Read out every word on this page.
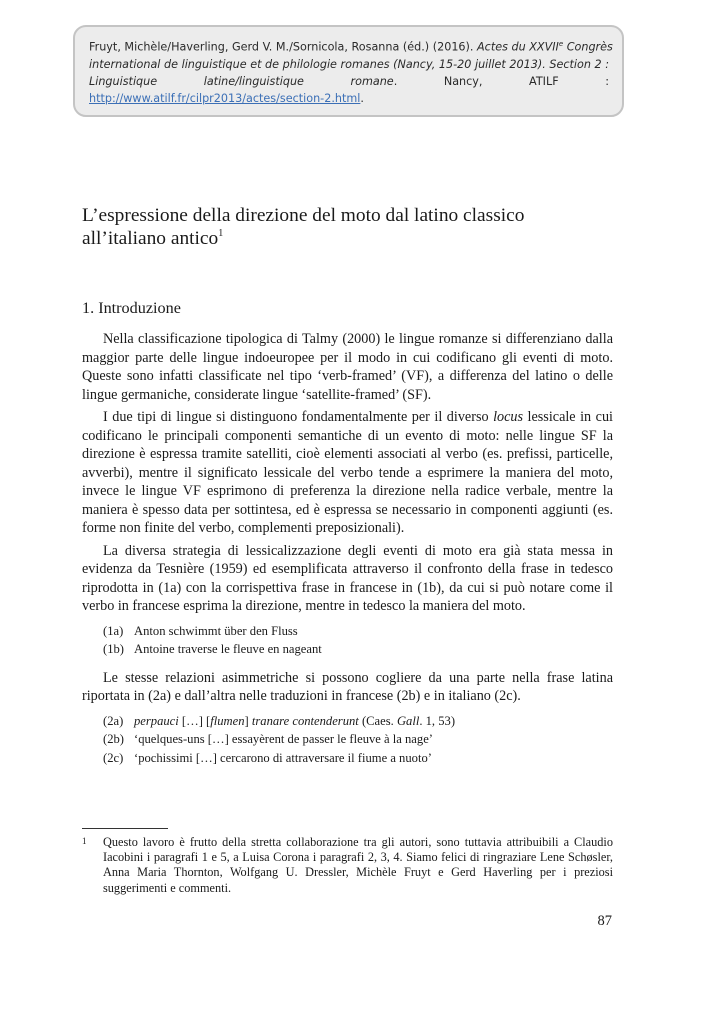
Fruyt, Michèle/Haverling, Gerd V. M./Sornicola, Rosanna (éd.) (2016). Actes du XXVIIe Congrès
international de linguistique et de philologie romanes (Nancy, 15-20 juillet 2013). Section 2 :
Linguistique latine/linguistique romane. Nancy, ATILF :
http://www.atilf.fr/cilpr2013/actes/section-2.html.
L’espressione della direzione del moto dal latino classico
all’italiano antico$^1$
1. Introduzione

Nella classificazione tipologica di Talmy (2000) le lingue romanze si differenziano dalla maggior parte delle lingue indoeuropee per il modo in cui codificano gli eventi di moto. Queste sono infatti classificate nel tipo ‘verb-framed’ (VF), a differenza del latino o delle lingue germaniche, considerate lingue ‘satellite-framed’ (SF).

I due tipi di lingue si distinguono fondamentalmente per il diverso locus lessicale in cui codificano le principali componenti semantiche di un evento di moto: nelle lingue SF la direzione è espressa tramite satelliti, cioè elementi associati al verbo (es. prefissi, particelle, avverbi), mentre il significato lessicale del verbo tende a esprimere la maniera del moto, invece le lingue VF esprimono di preferenza la direzione nella radice verbale, mentre la maniera è spesso data per sottintesa, ed è espressa se necessario in componenti aggiunti (es. forme non finite del verbo, complementi preposizionali).

La diversa strategia di lessicalizzazione degli eventi di moto era già stata messa in evidenza da Tesnière (1959) ed esemplificata attraverso il confronto della frase in tedesco riprodotta in (1a) con la corrispettiva frase in francese in (1b), da cui si può notare come il verbo in francese esprima la direzione, mentre in tedesco la maniera del moto.

(1a) Anton schwimmt über den Fluss
(1b) Antoine traverse le fleuve en nageant

Le stesse relazioni asimmetriche si possono cogliere da una parte nella frase latina riportata in (2a) e dall’altra nelle traduzioni in francese (2b) e in italiano (2c).

(2a) perpauci […] [flumen] tranare contenderunt (Caes. Gall. 1, 53)
(2b) ‘quelques-uns […] essayèrent de passer le fleuve à la nage’
(2c) ‘pochissimi […] cercarono di attraversare il fiume a nuoto’
1	Questo lavoro è frutto della stretta collaborazione tra gli autori, sono tuttavia attribuibili a Claudio Iacobini i paragrafi 1 e 5, a Luisa Corona i paragrafi 2, 3, 4. Siamo felici di ringraziare Lene Schøsler, Anna Maria Thornton, Wolfgang U. Dressler, Michèle Fruyt e Gerd Haverling per i preziosi suggerimenti e commenti.
87
